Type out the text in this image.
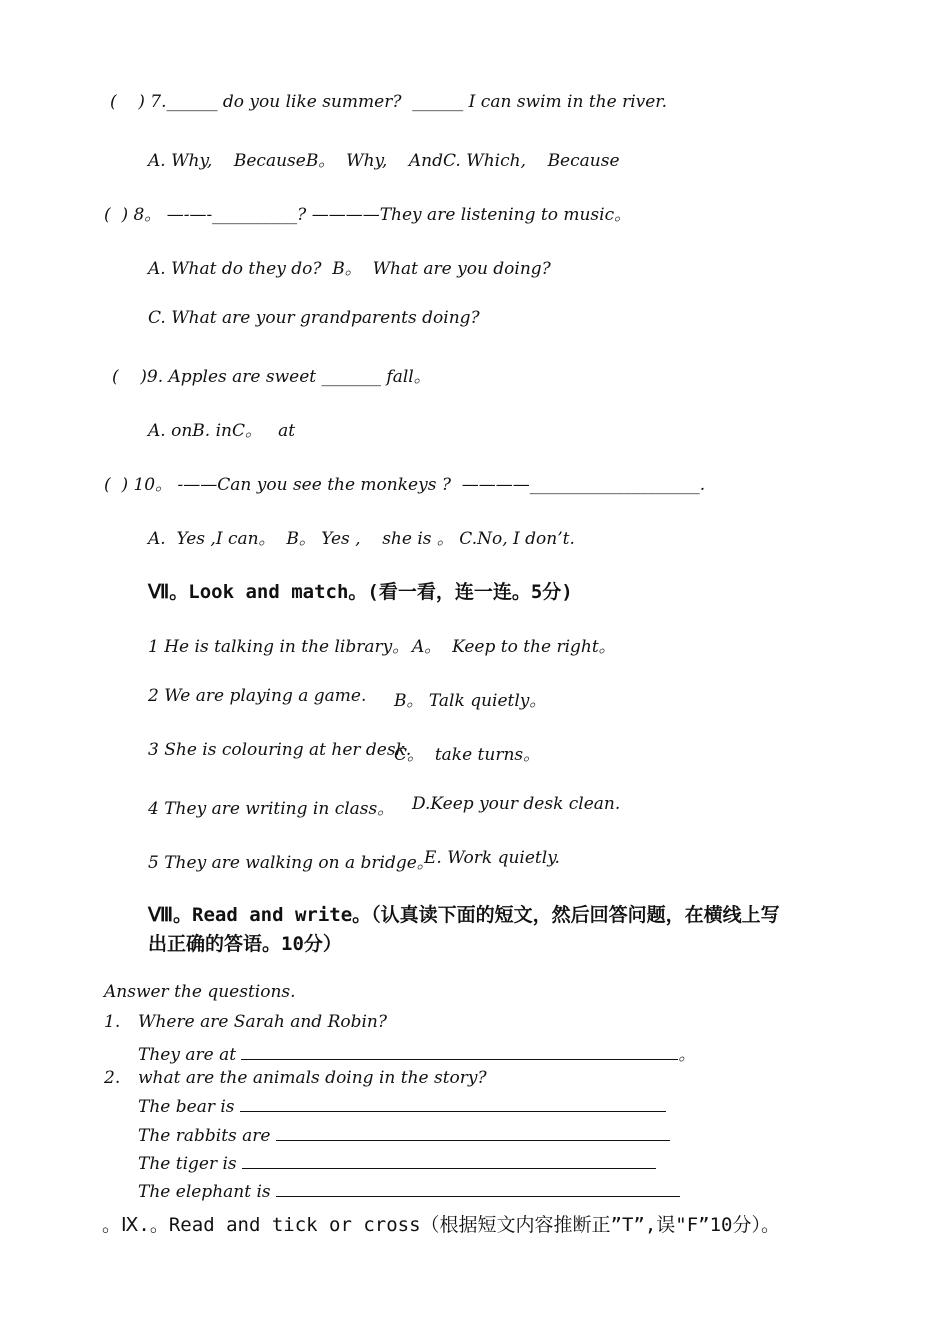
(    ) 7.______ do you like summer?  ______ I can swim in the river.
A. Why,    BecauseB。  Why,    AndC. Which,    Because
(  ) 8。 —-—-__________? ————They are listening to music。
A. What do they do?  B。  What are you doing?
C. What are your grandparents doing?
(    )9. Apples are sweet _______ fall。
A. onB. inC。   at
(  ) 10。 -——Can you see the monkeys ?  ————____________________.
A.  Yes ,I can。  B。 Yes ,    she is 。 C.No, I don’t.
Ⅶ。Look and match。(看一看，连一连。5分)
1 He is talking in the library。 A。  Keep to the right。
2 We are playing a game. B。 Talk quietly。
3 She is colouring at her desk.
C。  take turns。
4 They are writing in class。 D.Keep your desk clean.
5 They are walking on a bridge。
E. Work quietly.
Ⅷ。Read and write。（认真读下面的短文，然后回答问题，在横线上写
出正确的答语。10分）
Answer the questions.
1. Where are Sarah and Robin?
They are at	。
2. what are the animals doing in the story?
The bear is
The rabbits are
The tiger is
The elephant is
。Ⅸ.。Read and tick or cross（根据短文内容推断正”T”,误"F”10分）。
